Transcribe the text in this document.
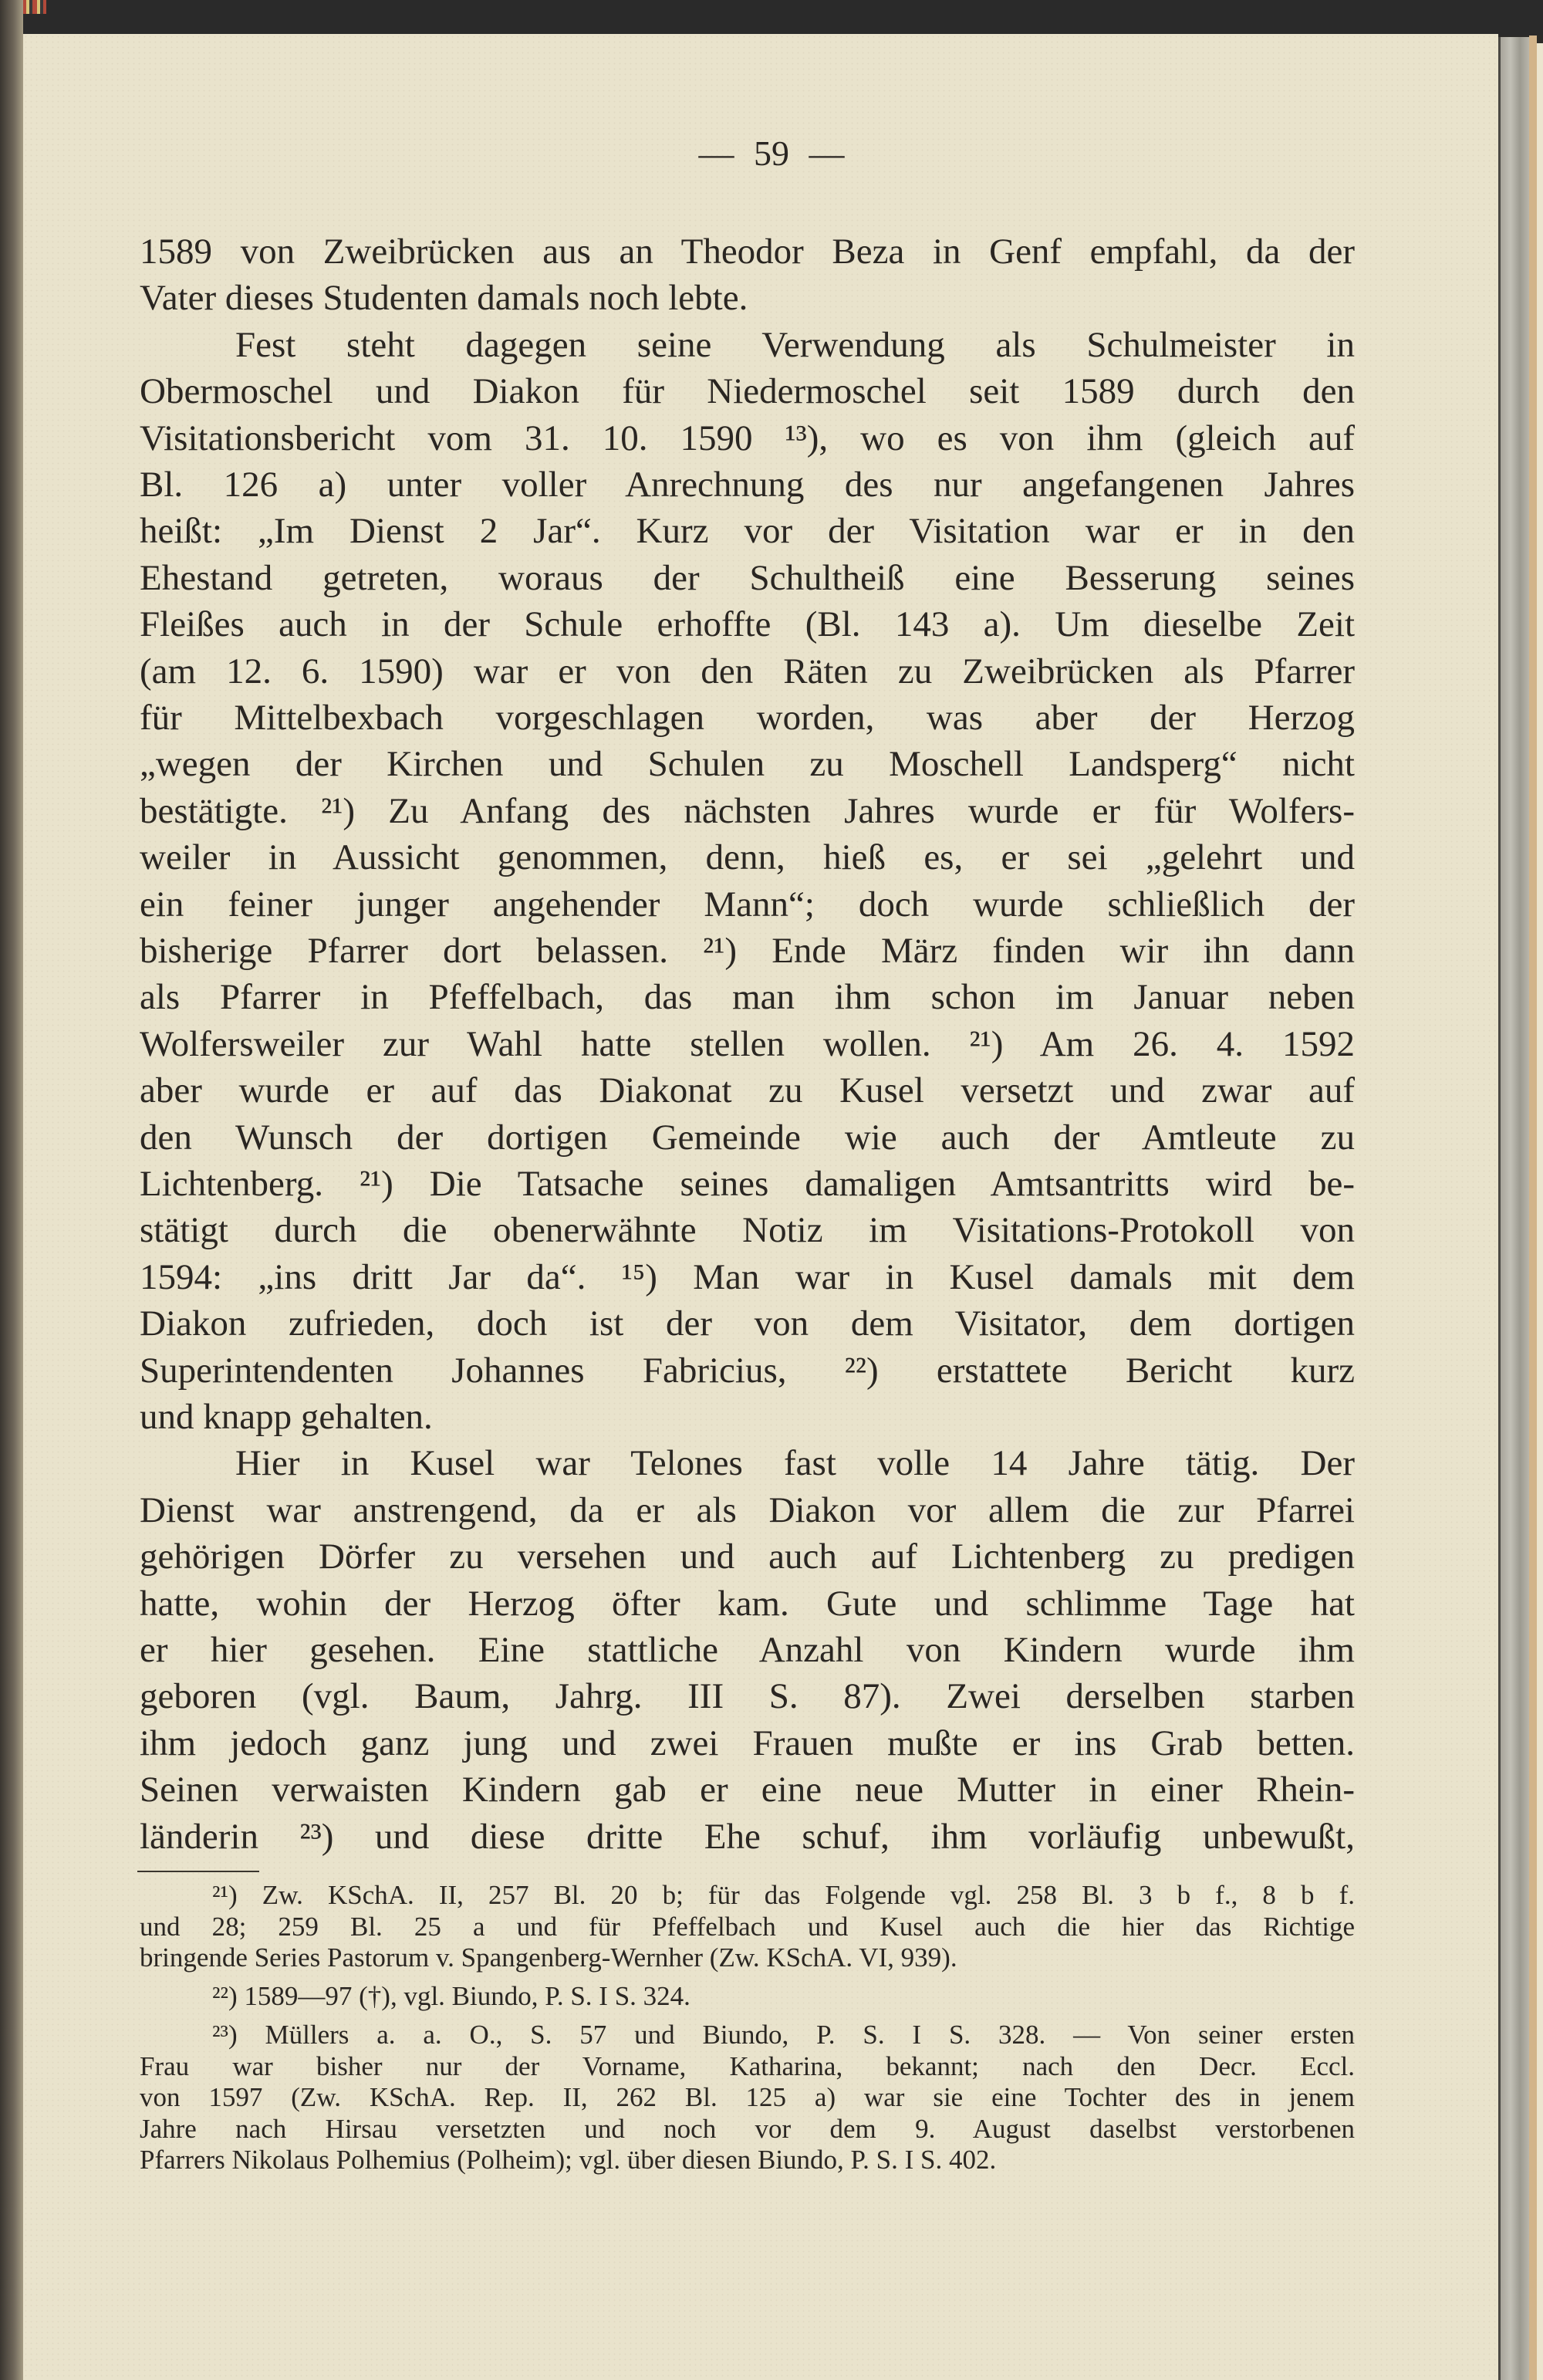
— 59 —
1589 von Zweibrücken aus an Theodor Beza in Genf empfahl, da der
Vater dieses Studenten damals noch lebte.
Fest steht dagegen seine Verwendung als Schulmeister in
Obermoschel und Diakon für Niedermoschel seit 1589 durch den
Visitationsbericht vom 31. 10. 1590 ¹³), wo es von ihm (gleich auf
Bl. 126 a) unter voller Anrechnung des nur angefangenen Jahres
heißt: „Im Dienst 2 Jar“. Kurz vor der Visitation war er in den
Ehestand getreten, woraus der Schultheiß eine Besserung seines
Fleißes auch in der Schule erhoffte (Bl. 143 a). Um dieselbe Zeit
(am 12. 6. 1590) war er von den Räten zu Zweibrücken als Pfarrer
für Mittelbexbach vorgeschlagen worden, was aber der Herzog
„wegen der Kirchen und Schulen zu Moschell Landsperg“ nicht
bestätigte. ²¹) Zu Anfang des nächsten Jahres wurde er für Wolfers-
weiler in Aussicht genommen, denn, hieß es, er sei „gelehrt und
ein feiner junger angehender Mann“; doch wurde schließlich der
bisherige Pfarrer dort belassen. ²¹) Ende März finden wir ihn dann
als Pfarrer in Pfeffelbach, das man ihm schon im Januar neben
Wolfersweiler zur Wahl hatte stellen wollen. ²¹) Am 26. 4. 1592
aber wurde er auf das Diakonat zu Kusel versetzt und zwar auf
den Wunsch der dortigen Gemeinde wie auch der Amtleute zu
Lichtenberg. ²¹) Die Tatsache seines damaligen Amtsantritts wird be-
stätigt durch die obenerwähnte Notiz im Visitations-Protokoll von
1594: „ins dritt Jar da“. ¹⁵) Man war in Kusel damals mit dem
Diakon zufrieden, doch ist der von dem Visitator, dem dortigen
Superintendenten Johannes Fabricius, ²²) erstattete Bericht kurz
und knapp gehalten.
Hier in Kusel war Telones fast volle 14 Jahre tätig. Der
Dienst war anstrengend, da er als Diakon vor allem die zur Pfarrei
gehörigen Dörfer zu versehen und auch auf Lichtenberg zu predigen
hatte, wohin der Herzog öfter kam. Gute und schlimme Tage hat
er hier gesehen. Eine stattliche Anzahl von Kindern wurde ihm
geboren (vgl. Baum, Jahrg. III S. 87). Zwei derselben starben
ihm jedoch ganz jung und zwei Frauen mußte er ins Grab betten.
Seinen verwaisten Kindern gab er eine neue Mutter in einer Rhein-
länderin ²³) und diese dritte Ehe schuf, ihm vorläufig unbewußt,
²¹) Zw. KSchA. II, 257 Bl. 20 b; für das Folgende vgl. 258 Bl. 3 b f., 8 b f.
und 28; 259 Bl. 25 a und für Pfeffelbach und Kusel auch die hier das Richtige
bringende Series Pastorum v. Spangenberg-Wernher (Zw. KSchA. VI, 939).
²²) 1589—97 (†), vgl. Biundo, P. S. I S. 324.
²³) Müllers a. a. O., S. 57 und Biundo, P. S. I S. 328. — Von seiner ersten
Frau war bisher nur der Vorname, Katharina, bekannt; nach den Decr. Eccl.
von 1597 (Zw. KSchA. Rep. II, 262 Bl. 125 a) war sie eine Tochter des in jenem
Jahre nach Hirsau versetzten und noch vor dem 9. August daselbst verstorbenen
Pfarrers Nikolaus Polhemius (Polheim); vgl. über diesen Biundo, P. S. I S. 402.
